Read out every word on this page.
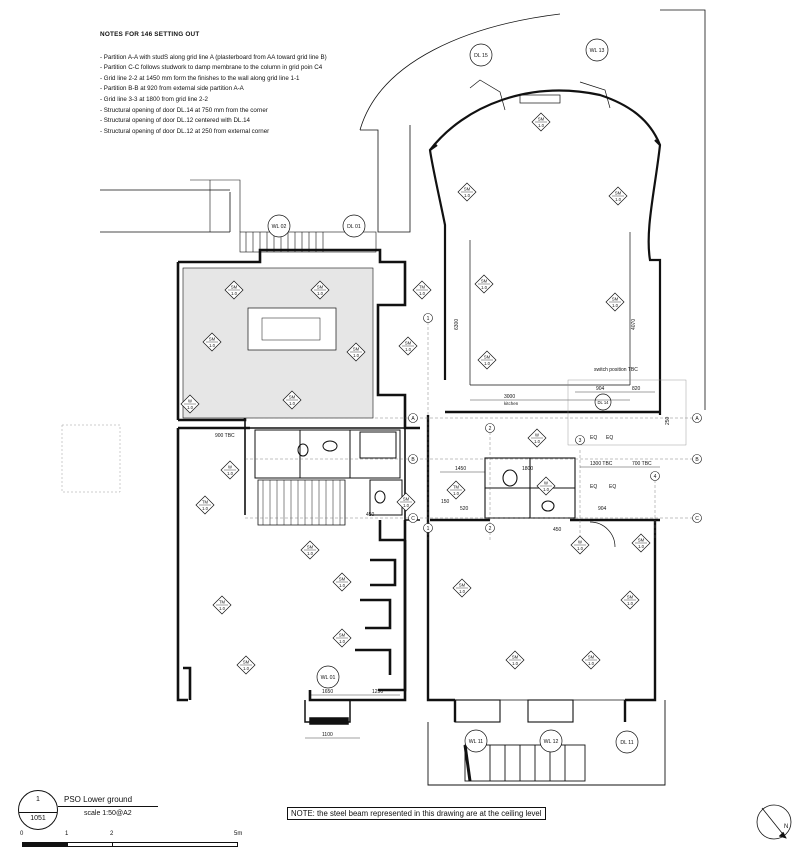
A
B
C
A
B
C
1
1
2
2
3
4
SM
1.0
SM
1.0
SM
1.0
SM
1.0
SM
1.0
TM
1.0
SM
1.0
W
1.0
SM
1.0	SM
1.0
SM
1.0
SM
1.0
SM
1.0
SM
1.0
W
1.0
TM
1.0
SM
1.0
SM
1.0
TM
1.0
SM
1.0
SM
1.0
W
1.0
TM
1.0
W
1.0
W
1.0
SM
1.0
SM
1.0
SM
1.0
SM
1.0
SM
1.0
SM
1.0
WL 02	DL 01
DL 15
WL 13
WL 01
WL 11	WL 12	DL 11
DL 14
900 TBC
1450	1800
1300 TBC	700 TBC
904	820
904
3000
kitchen
6300	4070
switch position TBC
1650	1250
1100
450
450
150
520
EQ EQ
EQ EQ
250
N
NOTES FOR 146 SETTING OUT
- Partition A-A with studS along grid line A (plasterboard from AA toward grid line B)
- Partition C-C follows studwork to damp membrane to the column in grid poin C4
- Grid line 2-2 at 1450 mm form the finishes to the wall along grid line 1-1
- Partition B-B at 920 from external side partition A-A
- Grid line 3-3 at 1800 from grid line 2-2
- Structural opening of door DL.14 at 750 mm from the corner
- Structural opening of door DL.12 centered with DL.14
- Structural opening of door DL.12 at 250 from external corner
1
1051
PSO Lower ground
scale 1:50 @A2	NOTE: the steel beam represented in this drawing are at the ceiling level
0	1	2	5m
